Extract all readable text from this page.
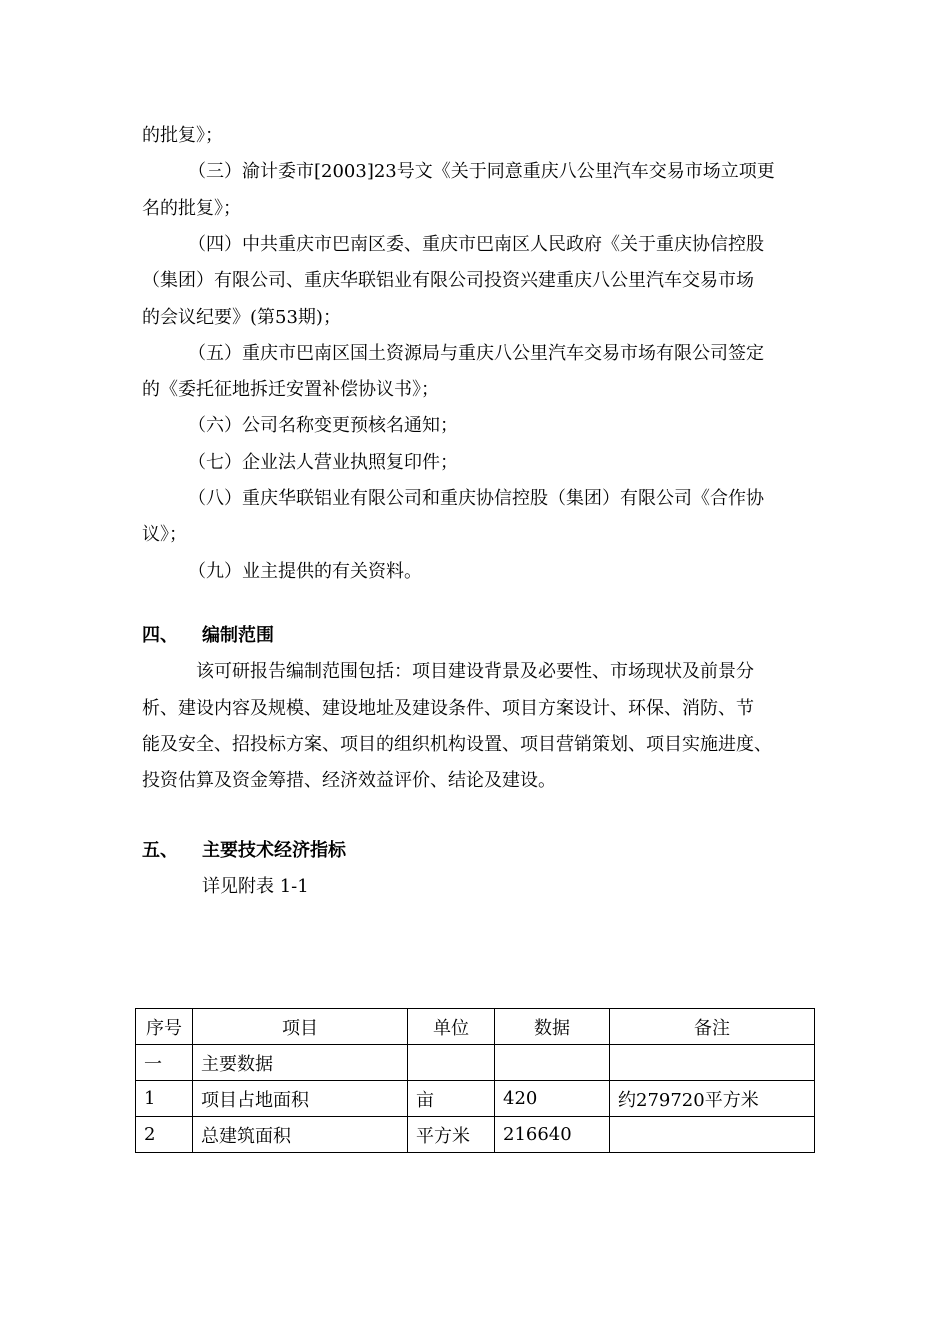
的批复》；
（三）渝计委市[2003]23号文《关于同意重庆八公里汽车交易市场立项更
名的批复》；
（四）中共重庆市巴南区委、重庆市巴南区人民政府《关于重庆协信控股
（集团）有限公司、重庆华联铝业有限公司投资兴建重庆八公里汽车交易市场
的会议纪要》(第53期)；
（五）重庆市巴南区国土资源局与重庆八公里汽车交易市场有限公司签定
的《委托征地拆迁安置补偿协议书》；
（六）公司名称变更预核名通知；
（七）企业法人营业执照复印件；
（八）重庆华联铝业有限公司和重庆协信控股（集团）有限公司《合作协
议》；
（九）业主提供的有关资料。
四、 编制范围
该可研报告编制范围包括：项目建设背景及必要性、市场现状及前景分
析、建设内容及规模、建设地址及建设条件、项目方案设计、环保、消防、节
能及安全、招投标方案、项目的组织机构设置、项目营销策划、项目实施进度、
投资估算及资金筹措、经济效益评价、结论及建设。
五、 主要技术经济指标
详见附表 1-1
序号	项目	单位	数据	备注
一	主要数据			
1	项目占地面积	亩	420	约279720平方米
2	总建筑面积	平方米	216640	
